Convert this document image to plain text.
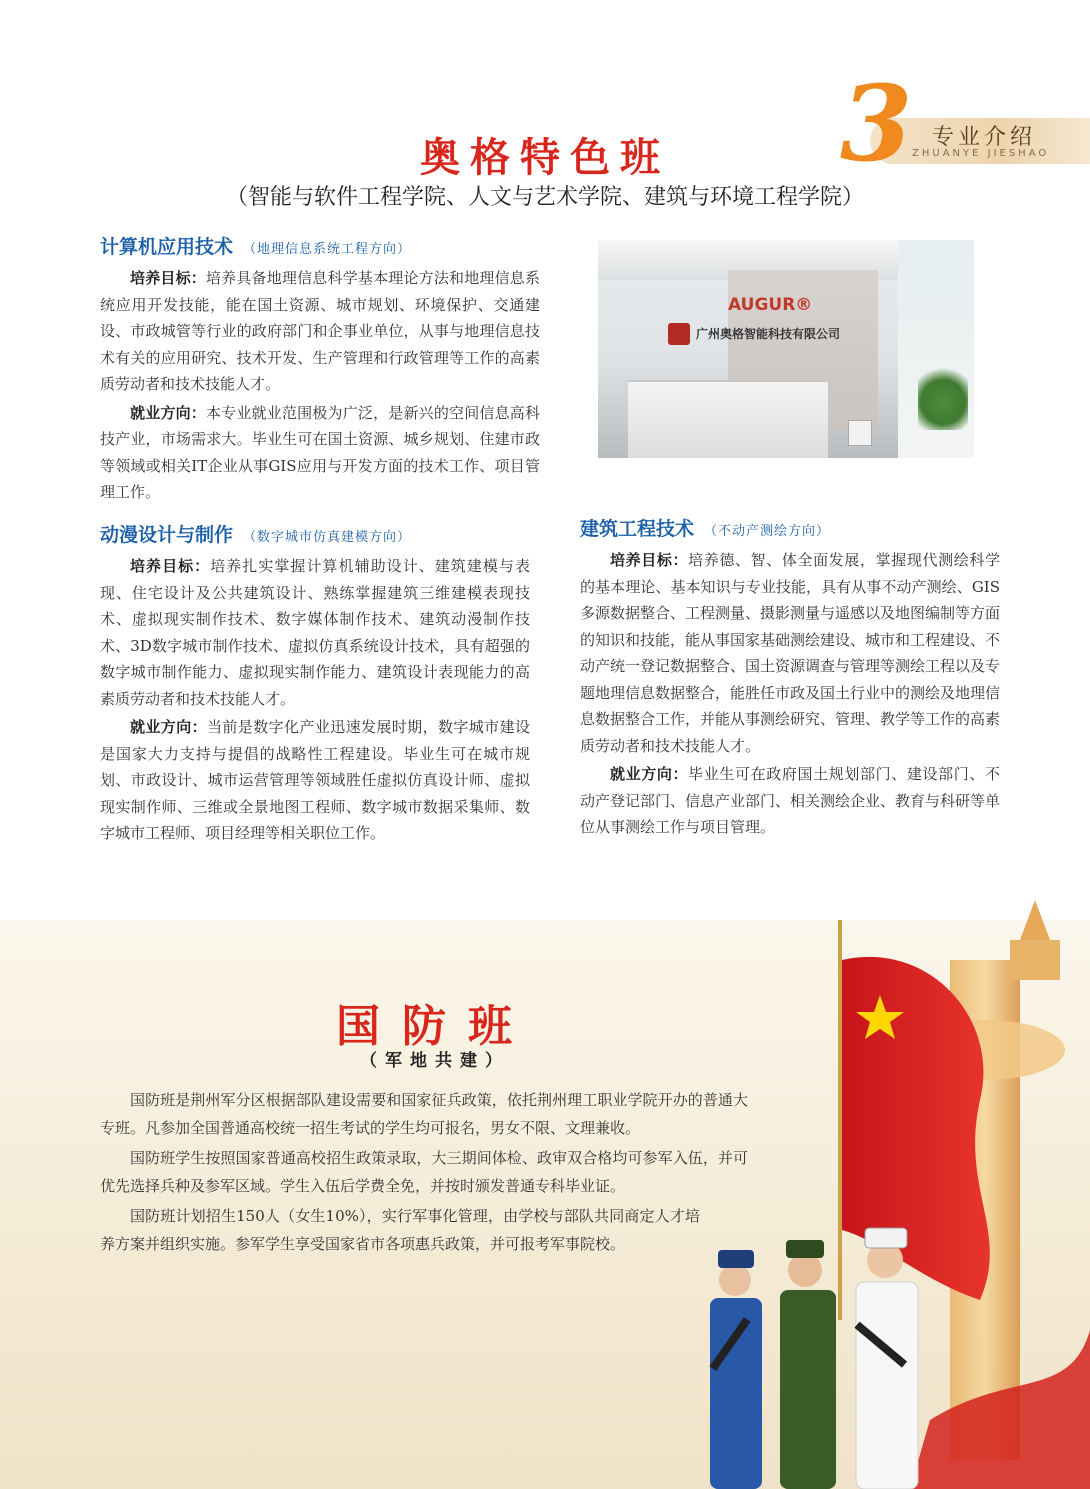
3 专业介绍
ZHUANYE JIESHAO
奥格特色班
（智能与软件工程学院、人文与艺术学院、建筑与环境工程学院）
计算机应用技术 （地理信息系统工程方向）

培养目标：培养具备地理信息科学基本理论方法和地理信息系统应用开发技能，能在国土资源、城市规划、环境保护、交通建设、市政城管等行业的政府部门和企事业单位，从事与地理信息技术有关的应用研究、技术开发、生产管理和行政管理等工作的高素质劳动者和技术技能人才。

就业方向：本专业就业范围极为广泛，是新兴的空间信息高科技产业，市场需求大。毕业生可在国土资源、城乡规划、住建市政等领域或相关IT企业从事GIS应用与开发方面的技术工作、项目管理工作。

AUGUR®
广州奥格智能科技有限公司
动漫设计与制作 （数字城市仿真建模方向）

培养目标：培养扎实掌握计算机辅助设计、建筑建模与表现、住宅设计及公共建筑设计、熟练掌握建筑三维建模表现技术、虚拟现实制作技术、数字媒体制作技术、建筑动漫制作技术、3D数字城市制作技术、虚拟仿真系统设计技术，具有超强的数字城市制作能力、虚拟现实制作能力、建筑设计表现能力的高素质劳动者和技术技能人才。

就业方向：当前是数字化产业迅速发展时期，数字城市建设是国家大力支持与提倡的战略性工程建设。毕业生可在城市规划、市政设计、城市运营管理等领域胜任虚拟仿真设计师、虚拟现实制作师、三维或全景地图工程师、数字城市数据采集师、数字城市工程师、项目经理等相关职位工作。

建筑工程技术 （不动产测绘方向）

培养目标：培养德、智、体全面发展，掌握现代测绘科学的基本理论、基本知识与专业技能，具有从事不动产测绘、GIS多源数据整合、工程测量、摄影测量与遥感以及地图编制等方面的知识和技能，能从事国家基础测绘建设、城市和工程建设、不动产统一登记数据整合、国土资源调查与管理等测绘工程以及专题地理信息数据整合，能胜任市政及国土行业中的测绘及地理信息数据整合工作，并能从事测绘研究、管理、教学等工作的高素质劳动者和技术技能人才。

就业方向：毕业生可在政府国土规划部门、建设部门、不动产登记部门、信息产业部门、相关测绘企业、教育与科研等单位从事测绘工作与项目管理。

国防班
（军地共建）

国防班是荆州军分区根据部队建设需要和国家征兵政策，依托荆州理工职业学院开办的普通大专班。凡参加全国普通高校统一招生考试的学生均可报名，男女不限、文理兼收。

国防班学生按照国家普通高校招生政策录取，大三期间体检、政审双合格均可参军入伍，并可优先选择兵种及参军区域。学生入伍后学费全免，并按时颁发普通专科毕业证。

国防班计划招生150人（女生10%），实行军事化管理，由学校与部队共同商定人才培养方案并组织实施。参军学生享受国家省市各项惠兵政策，并可报考军事院校。
